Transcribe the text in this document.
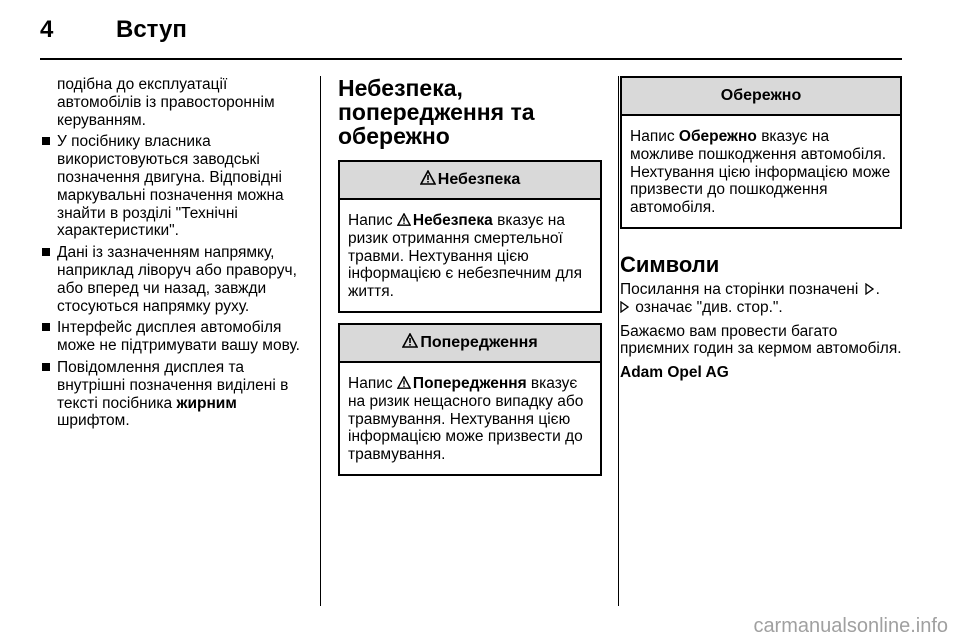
4	Вступ

подібна до експлуатації автомобілів із правостороннім керуванням.

У посібнику власника використовуються заводські позначення двигуна. Відповідні маркувальні позначення можна знайти в розділі "Технічні характеристики".
Дані із зазначенням напрямку, наприклад ліворуч або праворуч, або вперед чи назад, завжди стосуються напрямку руху.
Інтерфейс дисплея автомобіля може не підтримувати вашу мову.
Повідомлення дисплея та внутрішні позначення виділені в тексті посібника жирним шрифтом.
Небезпека, попередження та обережно
Небезпека
Напис Небезпека вказує на ризик отримання смертельної травми. Нехтування цією інформацією є небезпечним для життя.
Попередження
Напис Попередження вказує на ризик нещасного випадку або травмування. Нехтування цією інформацією може призвести до травмування.
Обережно
Напис Обережно вказує на можливе пошкодження автомобіля. Нехтування цією інформацією може призвести до пошкодження автомобіля.
Символи

Посилання на сторінки позначені .
означає "див. стор.".

Бажаємо вам провести багато приємних годин за кермом автомобіля.

Adam Opel AG

carmanualsonline.info
